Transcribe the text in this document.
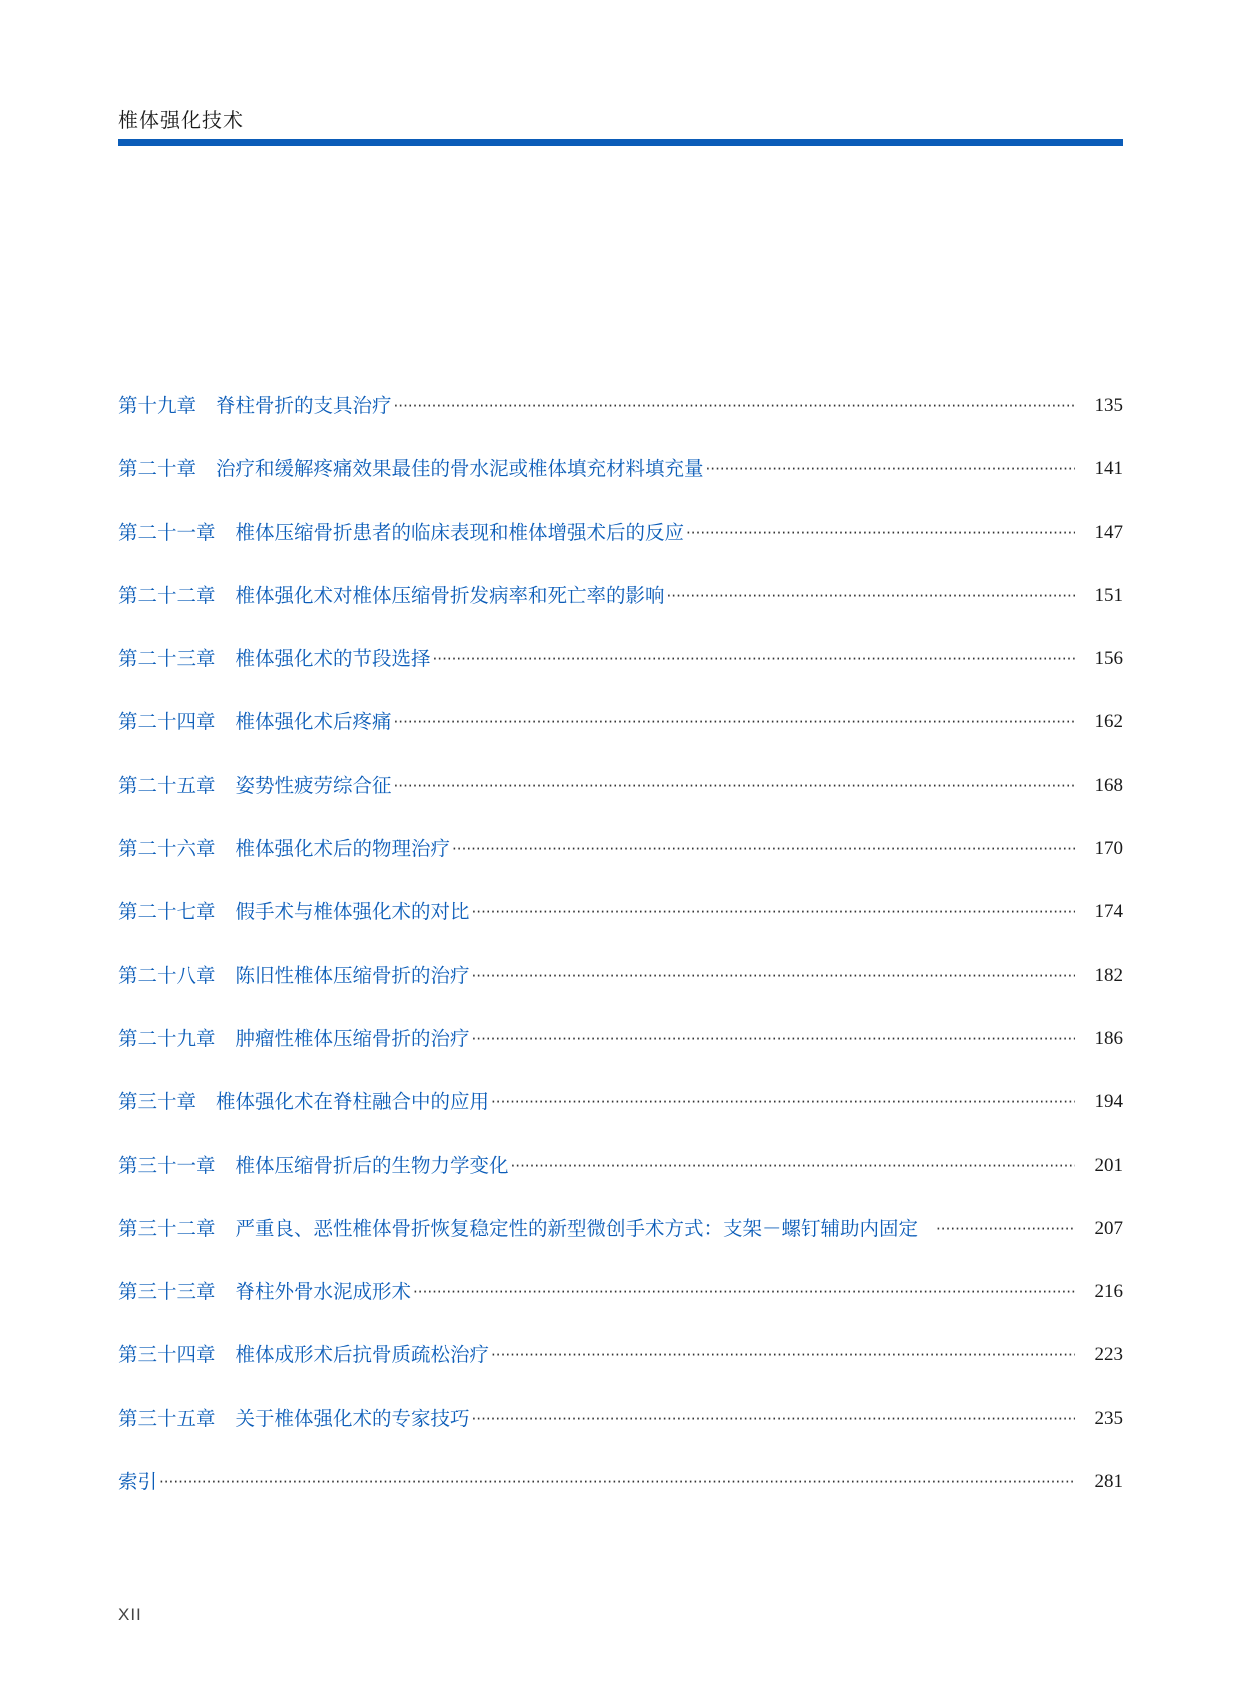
椎体强化技术
第十九章 脊柱骨折的支具治疗 ·····	135
第二十章 治疗和缓解疼痛效果最佳的骨水泥或椎体填充材料填充量 ·····	141
第二十一章 椎体压缩骨折患者的临床表现和椎体增强术后的反应 ·····	147
第二十二章 椎体强化术对椎体压缩骨折发病率和死亡率的影响 ·····	151
第二十三章 椎体强化术的节段选择 ·····	156
第二十四章 椎体强化术后疼痛 ·····	162
第二十五章 姿势性疲劳综合征 ·····	168
第二十六章 椎体强化术后的物理治疗 ·····	170
第二十七章 假手术与椎体强化术的对比 ·····	174
第二十八章 陈旧性椎体压缩骨折的治疗 ·····	182
第二十九章 肿瘤性椎体压缩骨折的治疗 ·····	186
第三十章 椎体强化术在脊柱融合中的应用 ·····	194
第三十一章 椎体压缩骨折后的生物力学变化 ·····	201
第三十二章 严重良、恶性椎体骨折恢复稳定性的新型微创手术方式：支架－螺钉辅助内固定 ·····	207
第三十三章 脊柱外骨水泥成形术 ·····	216
第三十四章 椎体成形术后抗骨质疏松治疗 ·····	223
第三十五章 关于椎体强化术的专家技巧 ·····	235
索引 ·····	281
XII
